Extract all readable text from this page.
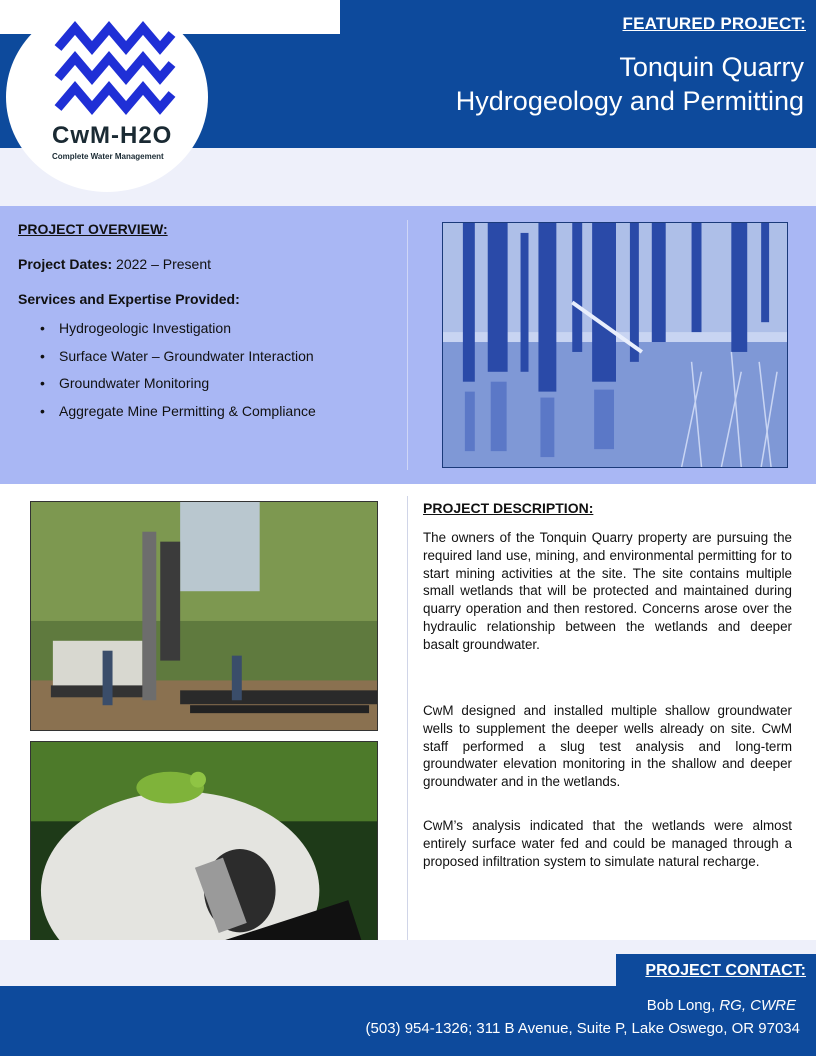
FEATURED PROJECT:
Tonquin Quarry
Hydrogeology and Permitting
CwM-H2O
Complete Water Management
PROJECT OVERVIEW:
Project Dates: 2022 – Present
Services and Expertise Provided:
• Hydrogeologic Investigation
• Surface Water – Groundwater Interaction
• Groundwater Monitoring
• Aggregate Mine Permitting & Compliance
PROJECT DESCRIPTION:
The owners of the Tonquin Quarry property are pursuing the required land use, mining, and environmental permitting for to start mining activities at the site. The site contains multiple small wetlands that will be protected and maintained during quarry operation and then restored. Concerns arose over the hydraulic relationship between the wetlands and deeper basalt groundwater.
CwM designed and installed multiple shallow groundwater wells to supplement the deeper wells already on site. CwM staff performed a slug test analysis and long-term groundwater elevation monitoring in the shallow and deeper groundwater and in the wetlands.
CwM’s analysis indicated that the wetlands were almost entirely surface water fed and could be managed through a proposed infiltration system to simulate natural recharge.
PROJECT CONTACT:
Bob Long, RG, CWRE
(503) 954-1326; 311 B Avenue, Suite P, Lake Oswego, OR 97034
